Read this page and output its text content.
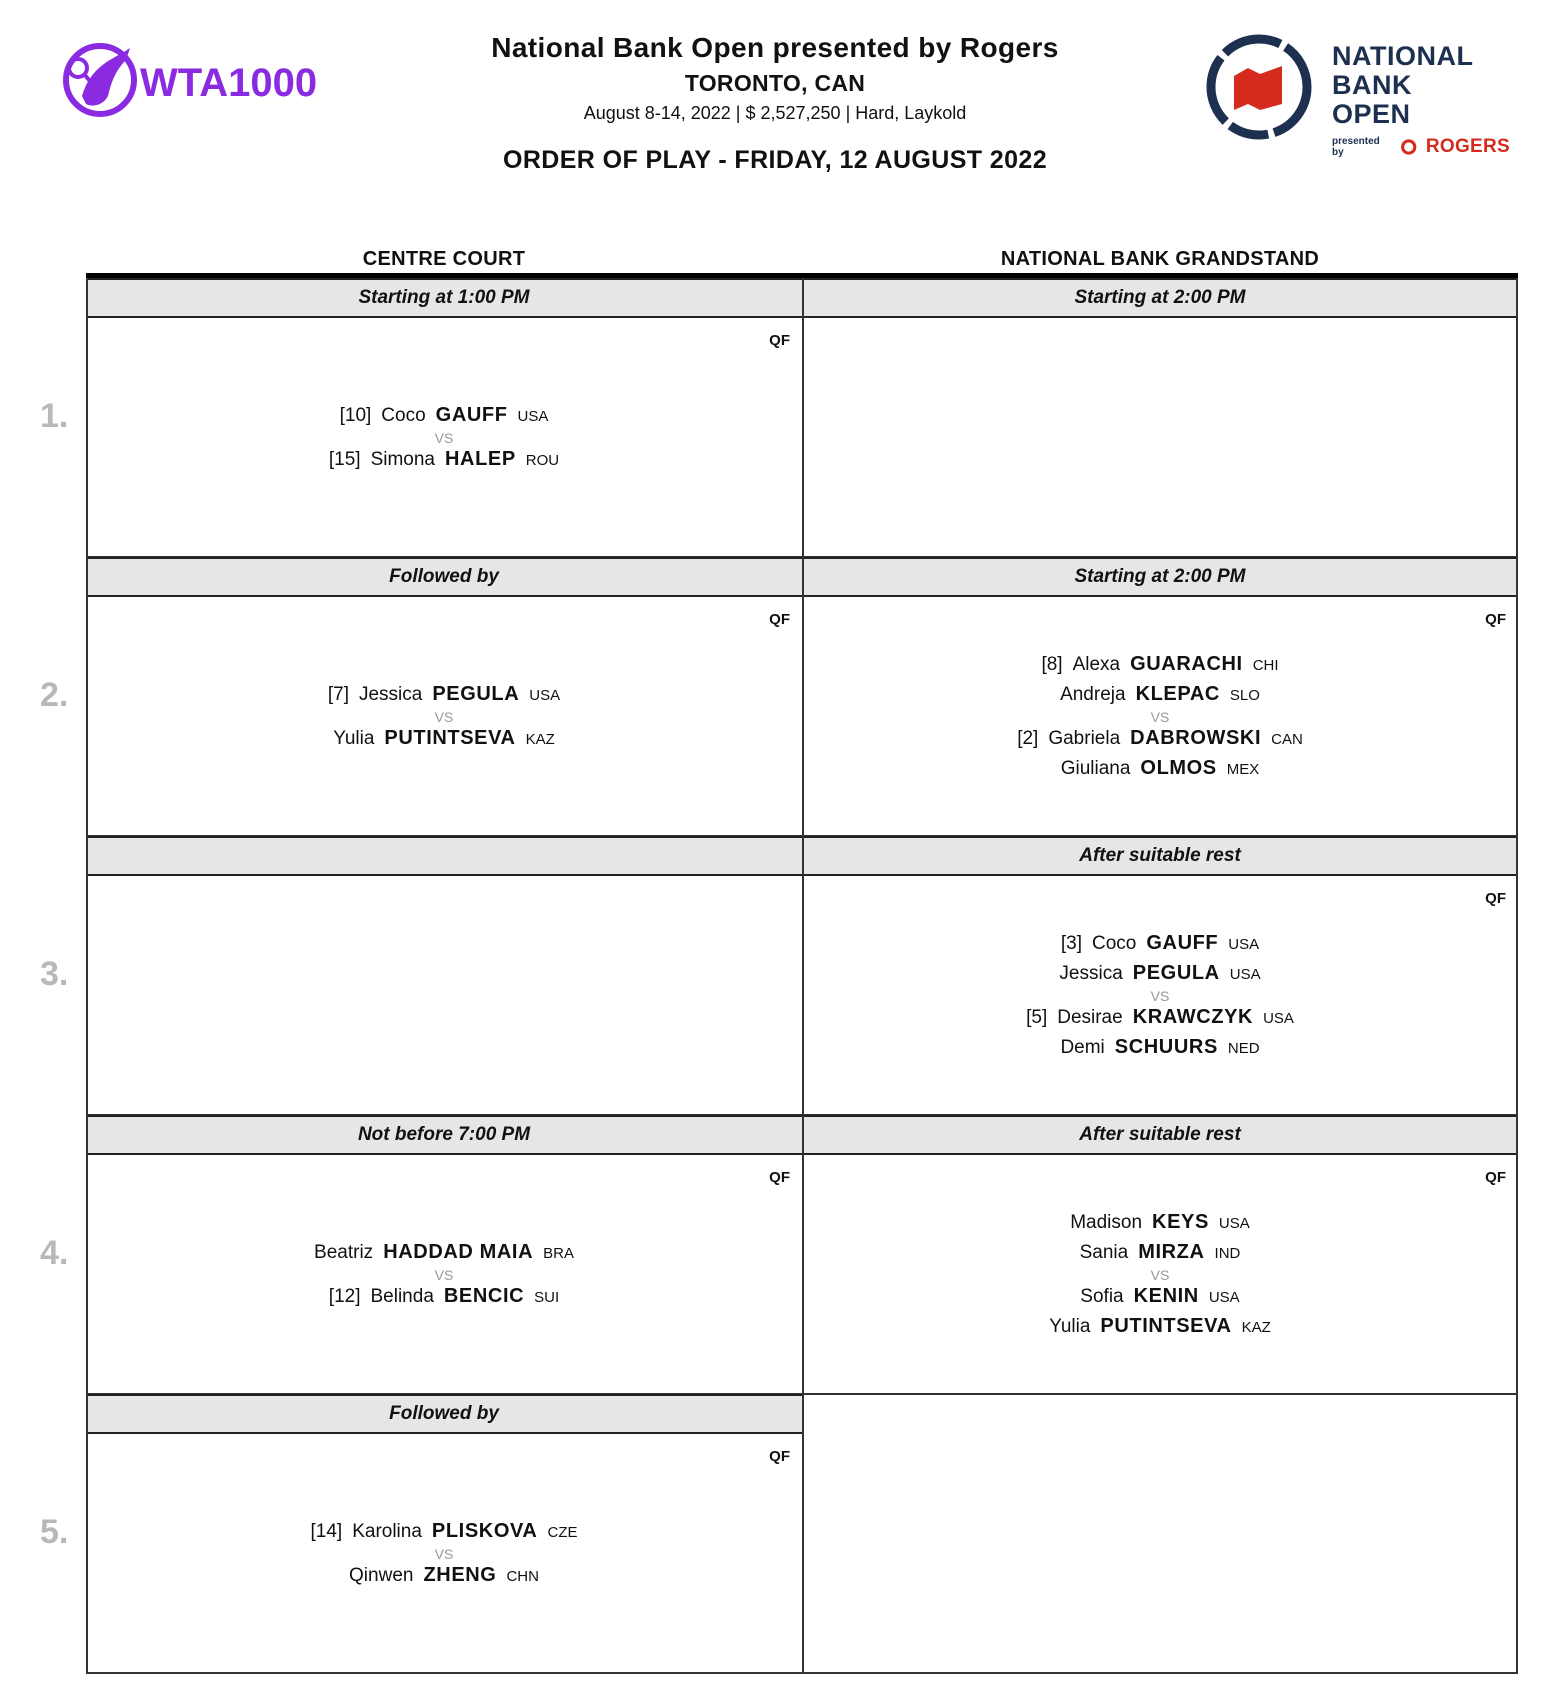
WTA1000
National Bank Open presented by Rogers
TORONTO, CAN
August 8-14, 2022 | $ 2,527,250 | Hard, Laykold
ORDER OF PLAY - FRIDAY, 12 AUGUST 2022
NATIONAL
BANK
OPEN
presented by	ROGERS
CENTRE COURT	NATIONAL BANK GRANDSTAND
1.
Starting at 1:00 PM
QF
[10] Coco GAUFF USA
VS
[15] Simona HALEP ROU
Starting at 2:00 PM
2.
Followed by
QF
[7] Jessica PEGULA USA
VS
Yulia PUTINTSEVA KAZ
Starting at 2:00 PM
QF
[8] Alexa GUARACHI CHI
Andreja KLEPAC SLO
VS
[2] Gabriela DABROWSKI CAN
Giuliana OLMOS MEX
3.
After suitable rest
QF
[3] Coco GAUFF USA
Jessica PEGULA USA
VS
[5] Desirae KRAWCZYK USA
Demi SCHUURS NED
4.
Not before 7:00 PM
QF
Beatriz HADDAD MAIA BRA
VS
[12] Belinda BENCIC SUI
After suitable rest
QF
Madison KEYS USA
Sania MIRZA IND
VS
Sofia KENIN USA
Yulia PUTINTSEVA KAZ
5.
Followed by
QF
[14] Karolina PLISKOVA CZE
VS
Qinwen ZHENG CHN
